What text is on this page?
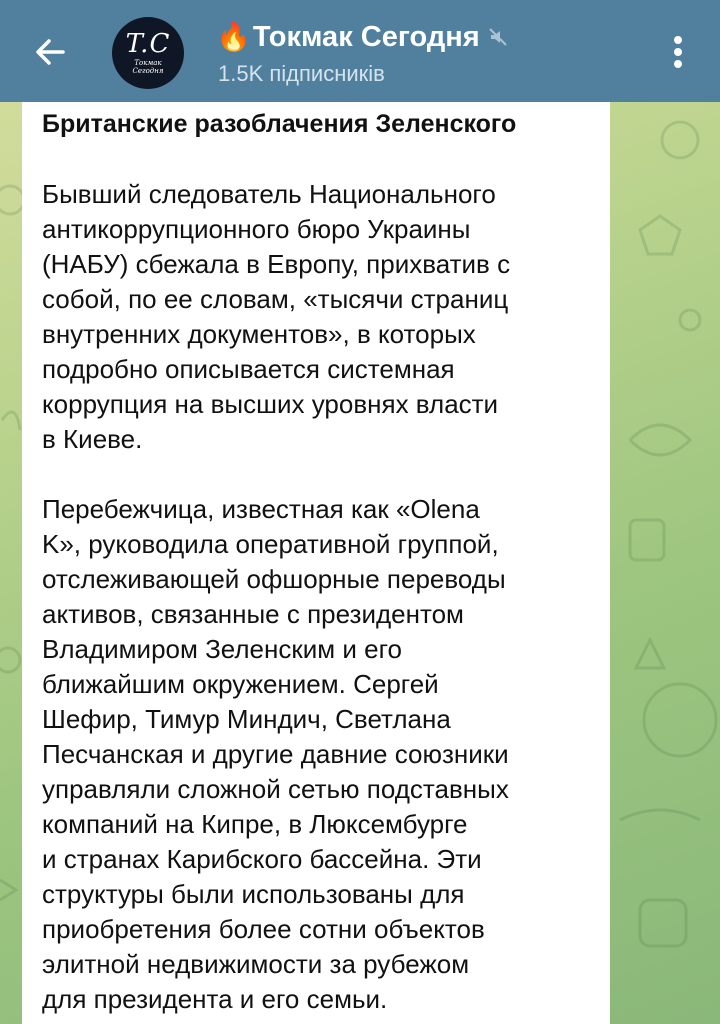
T.C
Токмак
Сегодня
🔥 Токмак Сегодня
1.5K підписників
Британские разоблачения Зеленского
Бывший следователь Национального
антикоррупционного бюро Украины
(НАБУ) сбежала в Европу, прихватив с
собой, по ее словам, «тысячи страниц
внутренних документов», в которых
подробно описывается системная
коррупция на высших уровнях власти
в Киеве.
Перебежчица, известная как «Olena
K», руководила оперативной группой,
отслеживающей офшорные переводы
активов, связанные с президентом
Владимиром Зеленским и его
ближайшим окружением. Сергей
Шефир, Тимур Миндич, Светлана
Песчанская и другие давние союзники
управляли сложной сетью подставных
компаний на Кипре, в Люксембурге
и странах Карибского бассейна. Эти
структуры были использованы для
приобретения более сотни объектов
элитной недвижимости за рубежом
для президента и его семьи.
